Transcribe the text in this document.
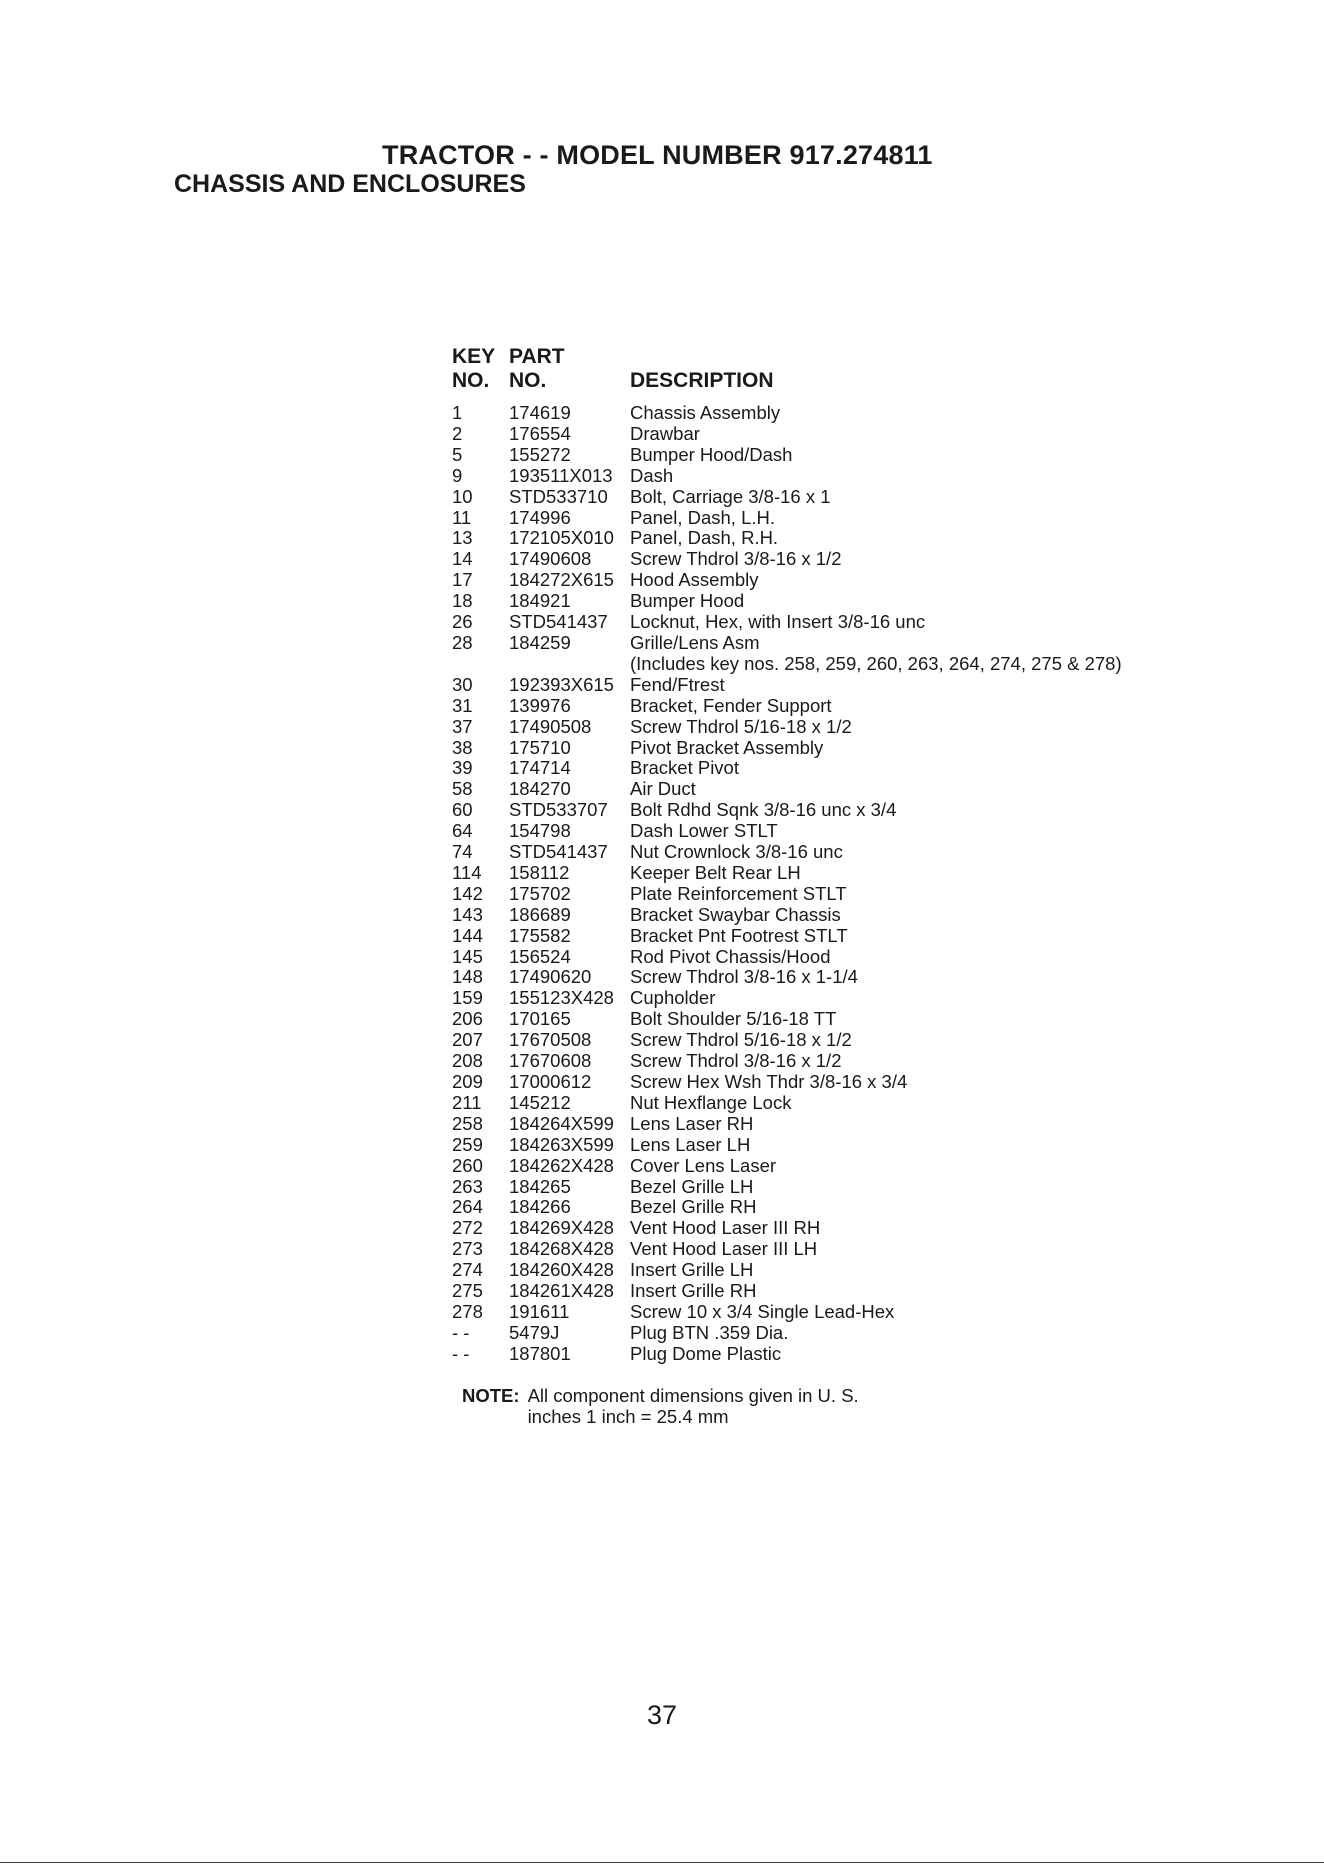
TRACTOR - - MODEL NUMBER 917.274811
CHASSIS AND ENCLOSURES
KEY	PART	
NO.	NO.	DESCRIPTION
1	174619	Chassis Assembly
2	176554	Drawbar
5	155272	Bumper Hood/Dash
9	193511X013	Dash
10	STD533710	Bolt, Carriage 3/8-16 x 1
11	174996	Panel, Dash, L.H.
13	172105X010	Panel, Dash, R.H.
14	17490608	Screw Thdrol 3/8-16 x 1/2
17	184272X615	Hood Assembly
18	184921	Bumper Hood
26	STD541437	Locknut, Hex, with Insert 3/8-16 unc
28	184259	Grille/Lens Asm
		(Includes key nos. 258, 259, 260, 263, 264, 274, 275 & 278)
30	192393X615	Fend/Ftrest
31	139976	Bracket, Fender Support
37	17490508	Screw Thdrol 5/16-18 x 1/2
38	175710	Pivot Bracket Assembly
39	174714	Bracket Pivot
58	184270	Air Duct
60	STD533707	Bolt Rdhd Sqnk 3/8-16 unc x 3/4
64	154798	Dash Lower STLT
74	STD541437	Nut Crownlock 3/8-16 unc
114	158112	Keeper Belt Rear LH
142	175702	Plate Reinforcement STLT
143	186689	Bracket Swaybar Chassis
144	175582	Bracket Pnt Footrest STLT
145	156524	Rod Pivot Chassis/Hood
148	17490620	Screw Thdrol 3/8-16 x 1-1/4
159	155123X428	Cupholder
206	170165	Bolt Shoulder 5/16-18 TT
207	17670508	Screw Thdrol 5/16-18 x 1/2
208	17670608	Screw Thdrol 3/8-16 x 1/2
209	17000612	Screw Hex Wsh Thdr 3/8-16 x 3/4
211	145212	Nut Hexflange Lock
258	184264X599	Lens Laser RH
259	184263X599	Lens Laser LH
260	184262X428	Cover Lens Laser
263	184265	Bezel Grille LH
264	184266	Bezel Grille RH
272	184269X428	Vent Hood Laser III RH
273	184268X428	Vent Hood Laser III LH
274	184260X428	Insert Grille LH
275	184261X428	Insert Grille RH
278	191611	Screw 10 x 3/4 Single Lead-Hex
- -	5479J	Plug BTN .359 Dia.
- -	187801	Plug Dome Plastic
NOTE: All component dimensions given in U. S.
inches 1 inch = 25.4 mm
37
